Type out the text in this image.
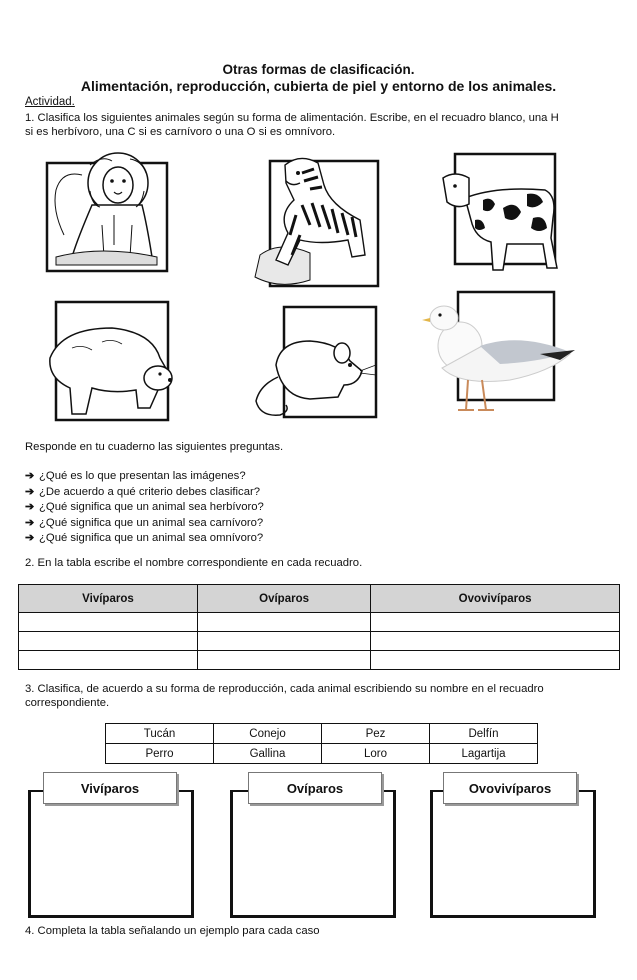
Otras formas de clasificación.
Alimentación, reproducción, cubierta de piel y entorno de los animales.
Actividad.
1. Clasifica los siguientes animales según su forma de alimentación. Escribe, en el recuadro blanco, una H
si es herbívoro, una C si es carnívoro o una O si es omnívoro.
Responde en tu cuaderno las siguientes preguntas.
➔ ¿Qué es lo que presentan las imágenes?
➔ ¿De acuerdo a qué criterio debes clasificar?
➔ ¿Qué significa que un animal sea herbívoro?
➔ ¿Qué significa que un animal sea carnívoro?
➔ ¿Qué significa que un animal sea omnívoro?
2. En la tabla escribe el nombre correspondiente en cada recuadro.
Vivíparos	Ovíparos	Ovovivíparos

3. Clasifica, de acuerdo a su forma de reproducción, cada animal escribiendo su nombre en el recuadro
correspondiente.
Tucán	Conejo	Pez	Delfín
Perro	Gallina	Loro	Lagartija
Vivíparos	Ovíparos	Ovovivíparos
4. Completa la tabla señalando un ejemplo para cada caso
